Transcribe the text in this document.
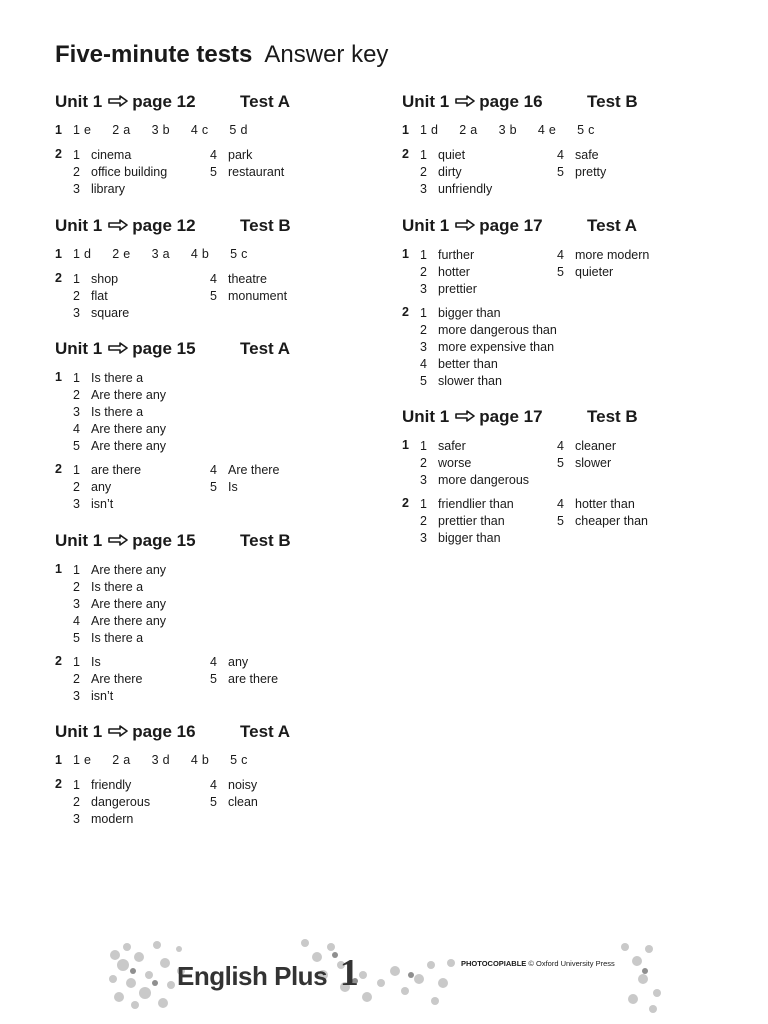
Five-minute tests Answer key
Unit 1 page 12	Test A
1 1 e 2 a 3 b 4 c 5 d
2 1 cinema
2 office building
3 library
4 park
5 restaurant
Unit 1 page 12	Test B
1 1 d 2 e 3 a 4 b 5 c
2 1 shop
2 flat
3 square
4 theatre
5 monument
Unit 1 page 15	Test A
1 1 Is there a
2 Are there any
3 Is there a
4 Are there any
5 Are there any
2 1 are there
2 any
3 isn’t
4 Are there
5 Is
Unit 1 page 15	Test B
1 1 Are there any
2 Is there a
3 Are there any
4 Are there any
5 Is there a
2 1 Is
2 Are there
3 isn’t
4 any
5 are there
Unit 1 page 16	Test A
1 1 e 2 a 3 d 4 b 5 c
2 1 friendly
2 dangerous
3 modern
4 noisy
5 clean
Unit 1 page 16	Test B
1 1 d 2 a 3 b 4 e 5 c
2 1 quiet
2 dirty
3 unfriendly
4 safe
5 pretty
Unit 1 page 17	Test A
1 1 further
2 hotter
3 prettier
4 more modern
5 quieter
2 1 bigger than
2 more dangerous than
3 more expensive than
4 better than
5 slower than
Unit 1 page 17	Test B
1 1 safer
2 worse
3 more dangerous
4 cleaner
5 slower
2 1 friendlier than
2 prettier than
3 bigger than
4 hotter than
5 cheaper than
English Plus 1	PHOTOCOPIABLE © Oxford University Press
